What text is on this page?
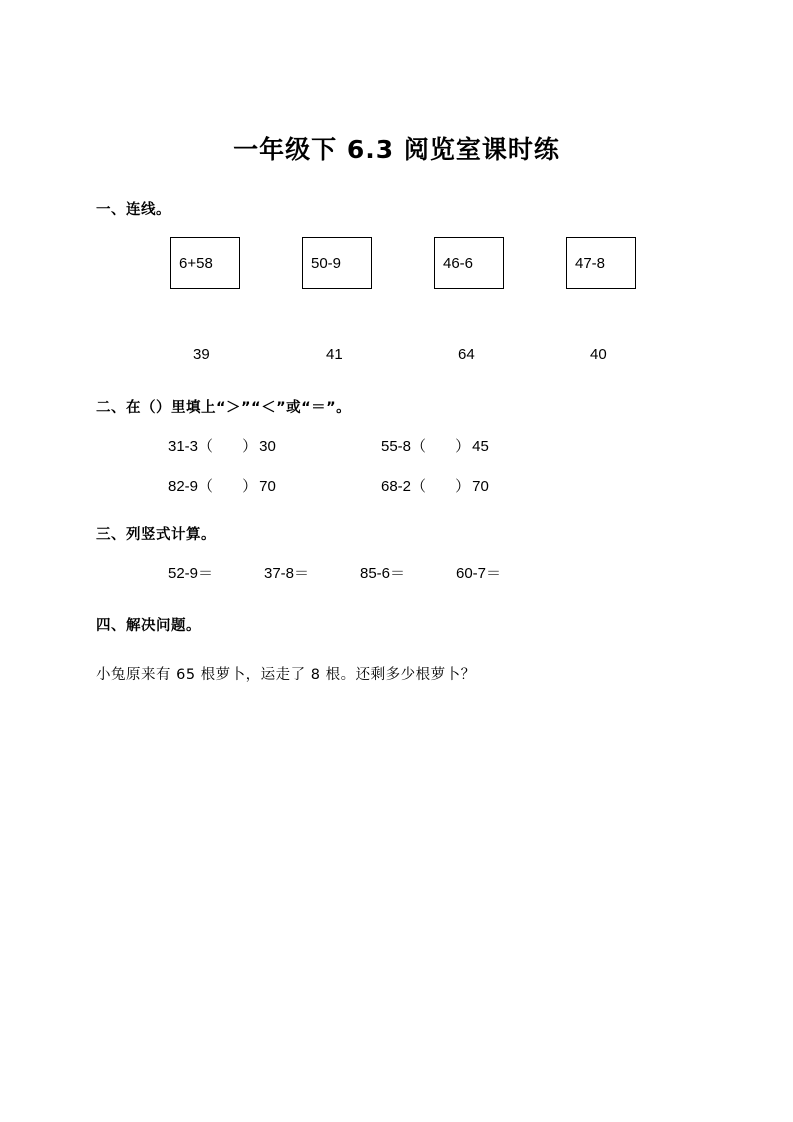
一年级下 6.3 阅览室课时练
一、连线。
6+58	50-9	46-6	47-8
39	41	64	40
二、在（）里填上“＞”“＜”或“＝”。
31-3（    ）30	55-8（    ）45
82-9（    ）70	68-2（    ）70
三、列竖式计算。
52-9＝	37-8＝	85-6＝	60-7＝
四、解决问题。
小兔原来有 65 根萝卜，运走了 8 根。还剩多少根萝卜？
